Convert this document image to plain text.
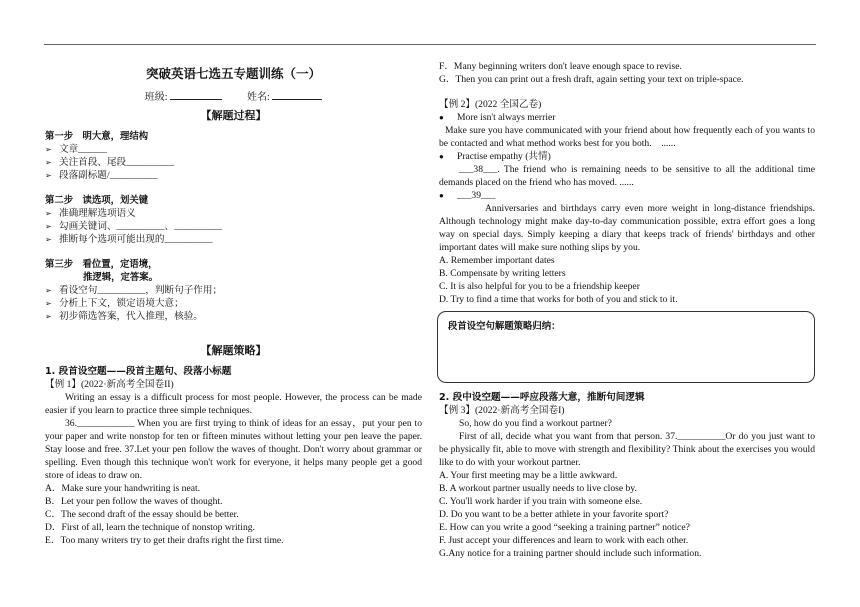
突破英语七选五专题训练（一）
班级:	姓名:
【解题过程】
第一步　明大意，理结构
➢ 文章______
➢ 关注首段、尾段__________
➢ 段落副标题/__________
第二步　读选项，划关键
➢ 准确理解选项语义
➢ 勾画关键词、__________、__________
➢ 推断每个选项可能出现的__________
第三步　看位置，定语境，
推逻辑，定答案。
➢ 看设空句__________，判断句子作用；
➢ 分析上下文，锁定语境大意；
➢ 初步筛选答案，代入推理，核验。
【解题策略】
1. 段首设空题——段首主题句、段落小标题
【例 1】(2022·新高考全国卷II)
Writing an essay is a difficult process for most people. However, the process can be made easier if you learn to practice three simple techniques.
36.____________ When you are first trying to think of ideas for an essay，put your pen to your paper and write nonstop for ten or fifteen minutes without letting your pen leave the paper. Stay loose and free. 37.Let your pen follow the waves of thought. Don't worry about grammar or spelling. Even though this technique won't work for everyone, it helps many people get a good store of ideas to draw on.
A．Make sure your handwriting is neat.
B．Let your pen follow the waves of thought.
C．The second draft of the essay should be better.
D．First of all, learn the technique of nonstop writing.
E．Too many writers try to get their drafts right the first time.
F．Many beginning writers don't leave enough space to revise.
G．Then you can print out a fresh draft, again setting your text on triple-space.
【例 2】(2022 全国乙卷)
● More isn't always merrier
Make sure you have communicated with your friend about how frequently each of you wants to be contacted and what method works best for you both.　......
● Practise empathy (共情)
___38___. The friend who is remaining needs to be sensitive to all the additional time demands placed on the friend who has moved. ......
● ___39___
Anniversaries and birthdays carry even more weight in long-distance friendships. Although technology might make day-to-day communication possible, extra effort goes a long way on special days. Simply keeping a diary that keeps track of friends' birthdays and other important dates will make sure nothing slips by you.
A. Remember important dates
B. Compensate by writing letters
C. It is also helpful for you to be a friendship keeper
D. Try to find a time that works for both of you and stick to it.
段首设空句解题策略归纳：
2. 段中设空题——呼应段落大意，推断句间逻辑
【例 3】(2022·新高考全国卷I)
So, how do you find a workout partner?
First of all, decide what you want from that person. 37.__________Or do you just want to be physically fit, able to move with strength and flexibility? Think about the exercises you would like to do with your workout partner.
A. Your first meeting may be a little awkward.
B. A workout partner usually needs to live close by.
C. You'll work harder if you train with someone else.
D. Do you want to be a better athlete in your favorite sport?
E. How can you write a good “seeking a training partner” notice?
F. Just accept your differences and learn to work with each other.
G.Any notice for a training partner should include such information.
